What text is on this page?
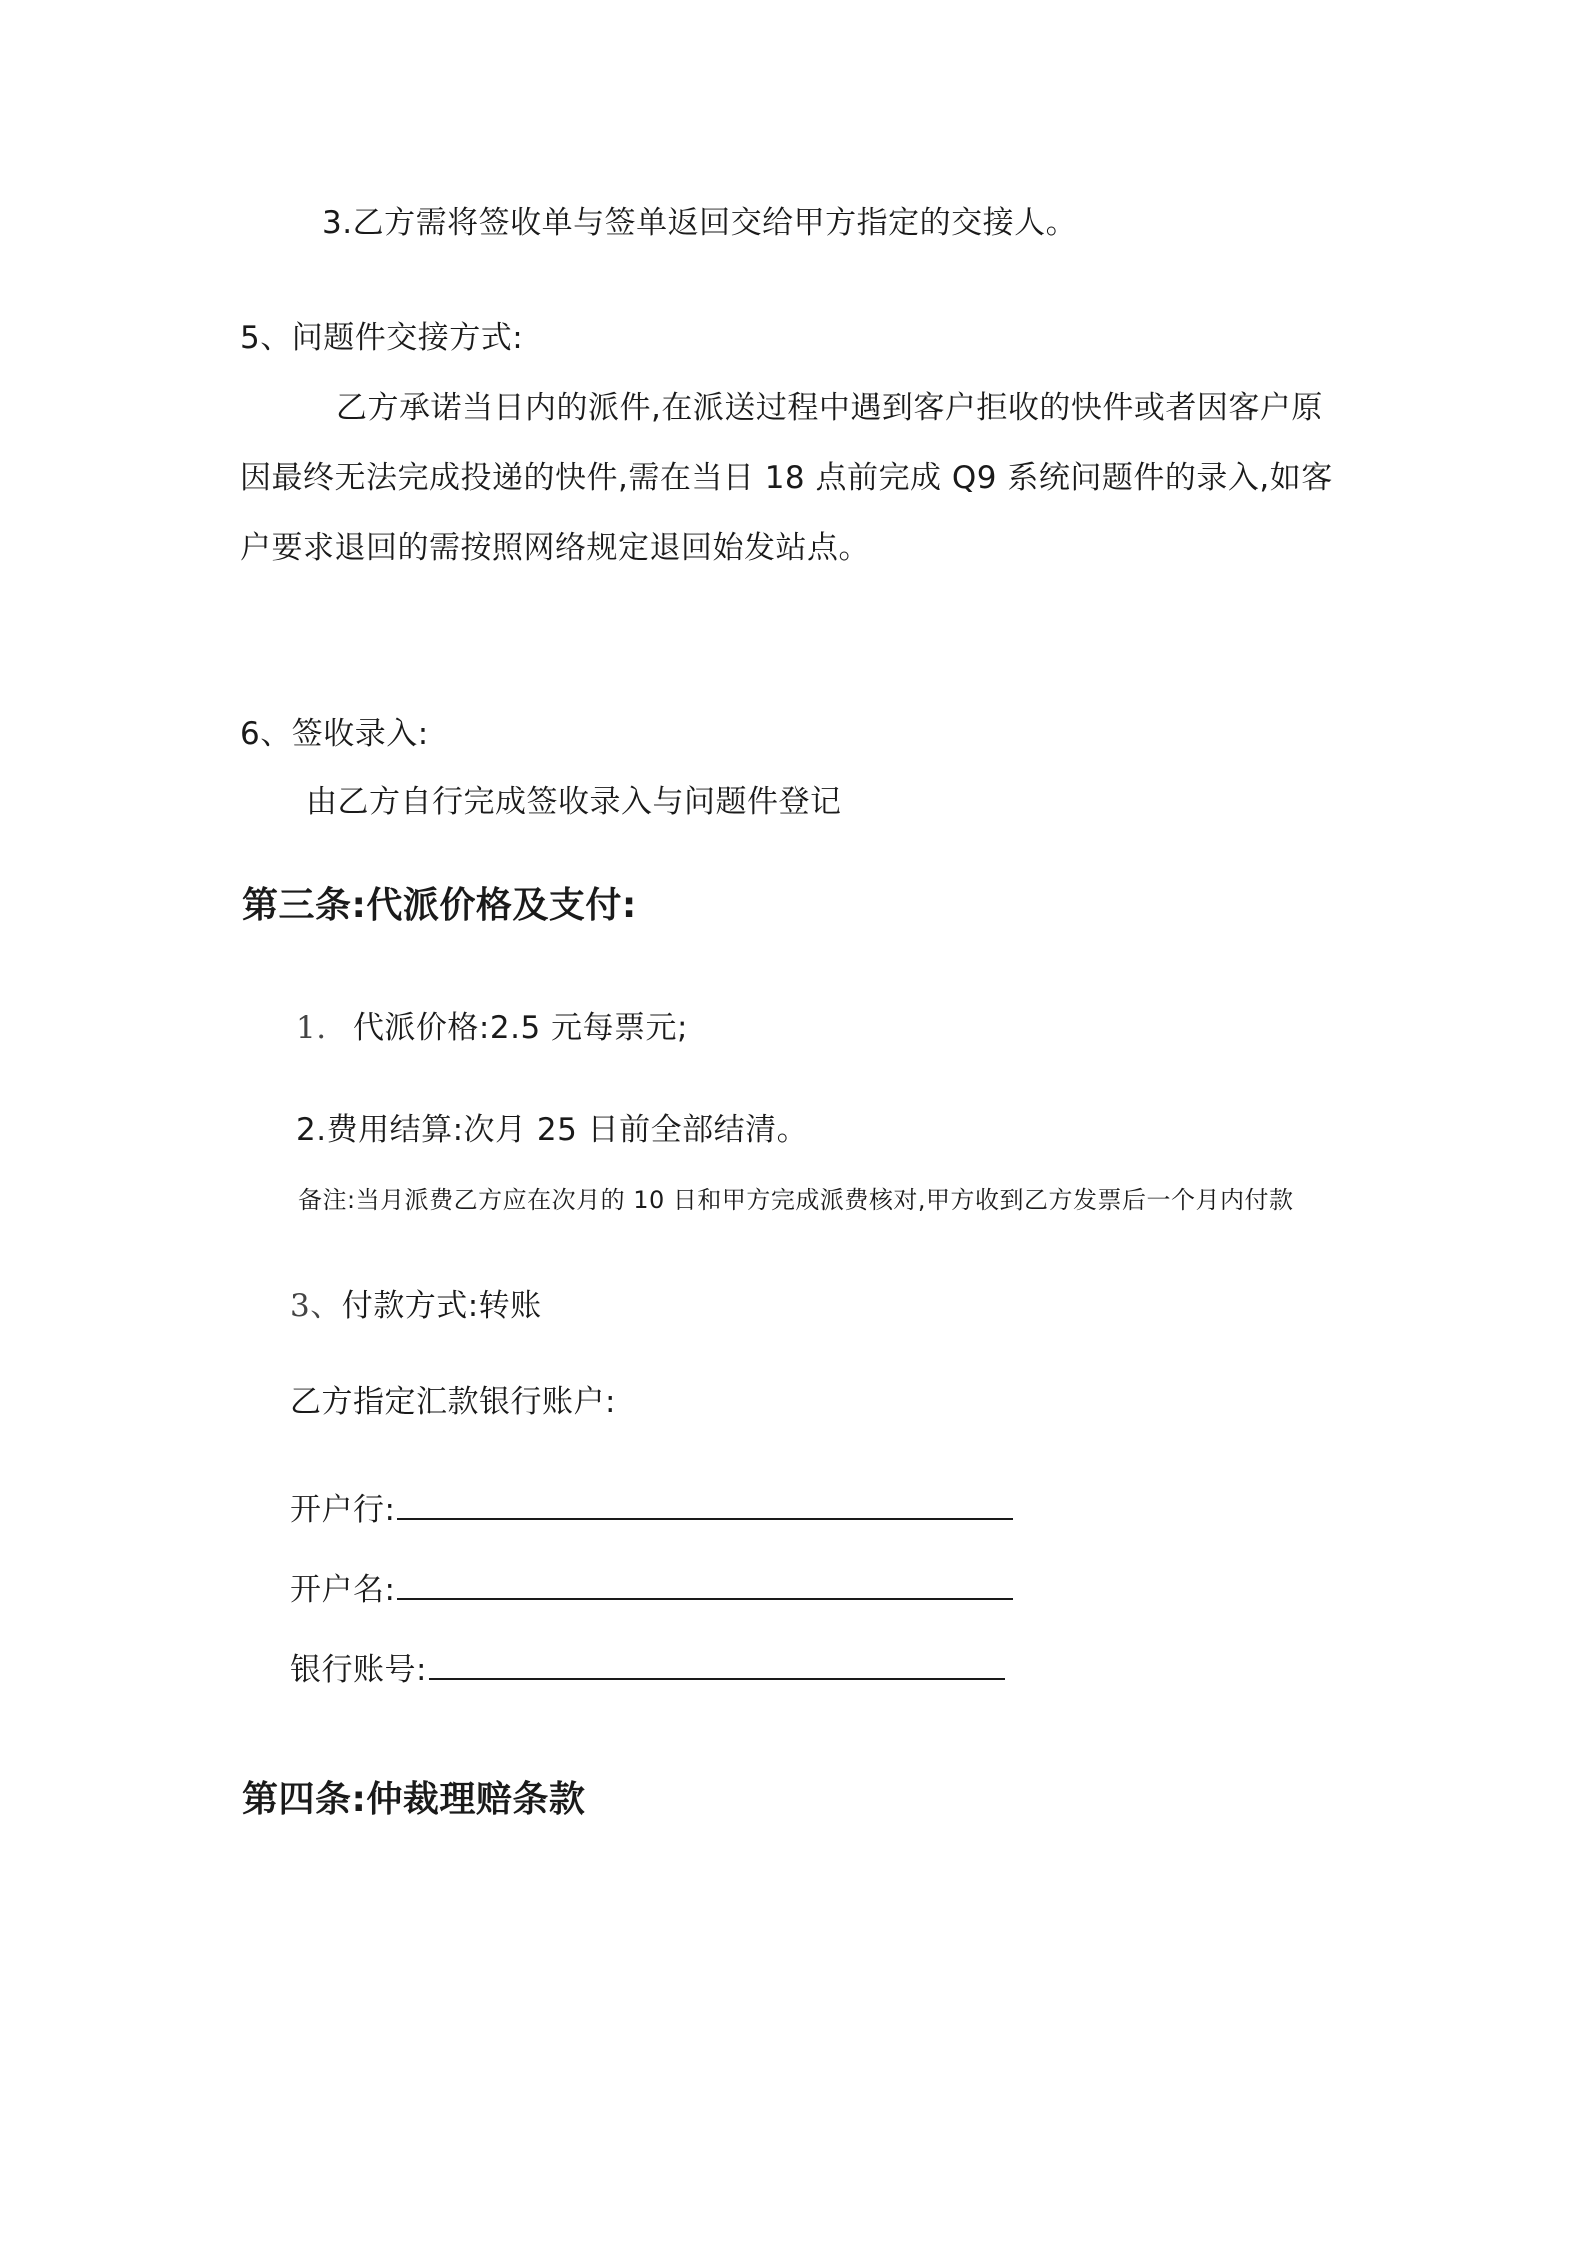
3.乙方需将签收单与签单返回交给甲方指定的交接人。
5、问题件交接方式:
乙方承诺当日内的派件,在派送过程中遇到客户拒收的快件或者因客户原
因最终无法完成投递的快件,需在当日 18 点前完成 Q9 系统问题件的录入,如客
户要求退回的需按照网络规定退回始发站点。
6、签收录入:
由乙方自行完成签收录入与问题件登记
第三条:代派价格及支付:
1. 代派价格:2.5 元每票元;
2.费用结算:次月 25 日前全部结清。
备注:当月派费乙方应在次月的 10 日和甲方完成派费核对,甲方收到乙方发票后一个月内付款
3、付款方式:转账
乙方指定汇款银行账户:
开户行:
开户名:
银行账号:
第四条:仲裁理赔条款
